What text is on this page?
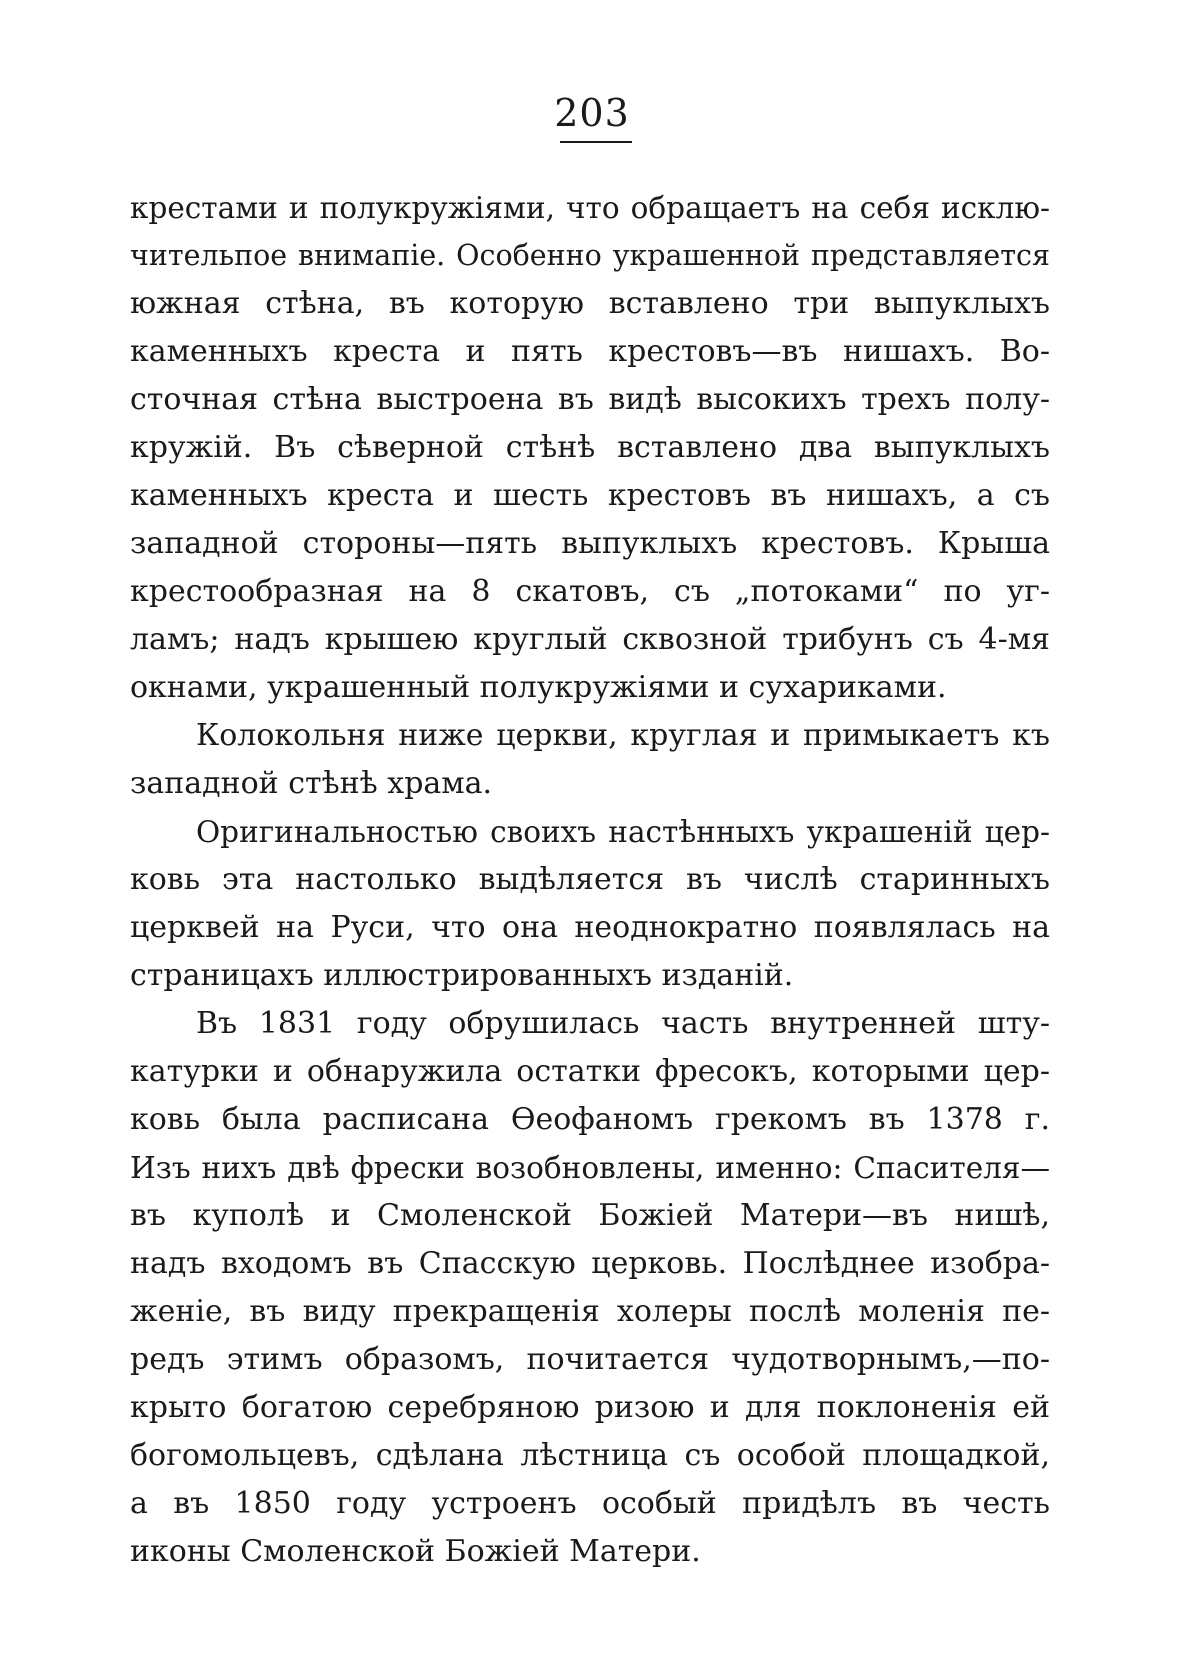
203
крестами и полукружіями, что обращаетъ на себя исклю-
чительпое внимапіе. Особенно украшенной представляется
южная стѣна, въ которую вставлено три выпуклыхъ
каменныхъ креста и пять крестовъ—въ нишахъ. Во-
сточная стѣна выстроена въ видѣ высокихъ трехъ полу-
кружій. Въ сѣверной стѣнѣ вставлено два выпуклыхъ
каменныхъ креста и шесть крестовъ въ нишахъ, а съ
западной стороны—пять выпуклыхъ крестовъ. Крыша
крестообразная на 8 скатовъ, съ „потоками“ по уг-
ламъ; надъ крышею круглый сквозной трибунъ съ 4-мя
окнами, украшенный полукружіями и сухариками.
Колокольня ниже церкви, круглая и примыкаетъ къ
западной стѣнѣ храма.
Оригинальностью своихъ настѣнныхъ украшеній цер-
ковь эта настолько выдѣляется въ числѣ старинныхъ
церквей на Руси, что она неоднократно появлялась на
страницахъ иллюстрированныхъ изданій.
Въ 1831 году обрушилась часть внутренней шту-
катурки и обнаружила остатки фресокъ, которыми цер-
ковь была расписана Ѳеофаномъ грекомъ въ 1378 г.
Изъ нихъ двѣ фрески возобновлены, именно: Спасителя—
въ куполѣ и Смоленской Божіей Матери—въ нишѣ,
надъ входомъ въ Спасскую церковь. Послѣднее изобра-
женіе, въ виду прекращенія холеры послѣ моленія пе-
редъ этимъ образомъ, почитается чудотворнымъ,—по-
крыто богатою серебряною ризою и для поклоненія ей
богомольцевъ, сдѣлана лѣстница съ особой площадкой,
а въ 1850 году устроенъ особый придѣлъ въ честь
иконы Смоленской Божіей Матери.
